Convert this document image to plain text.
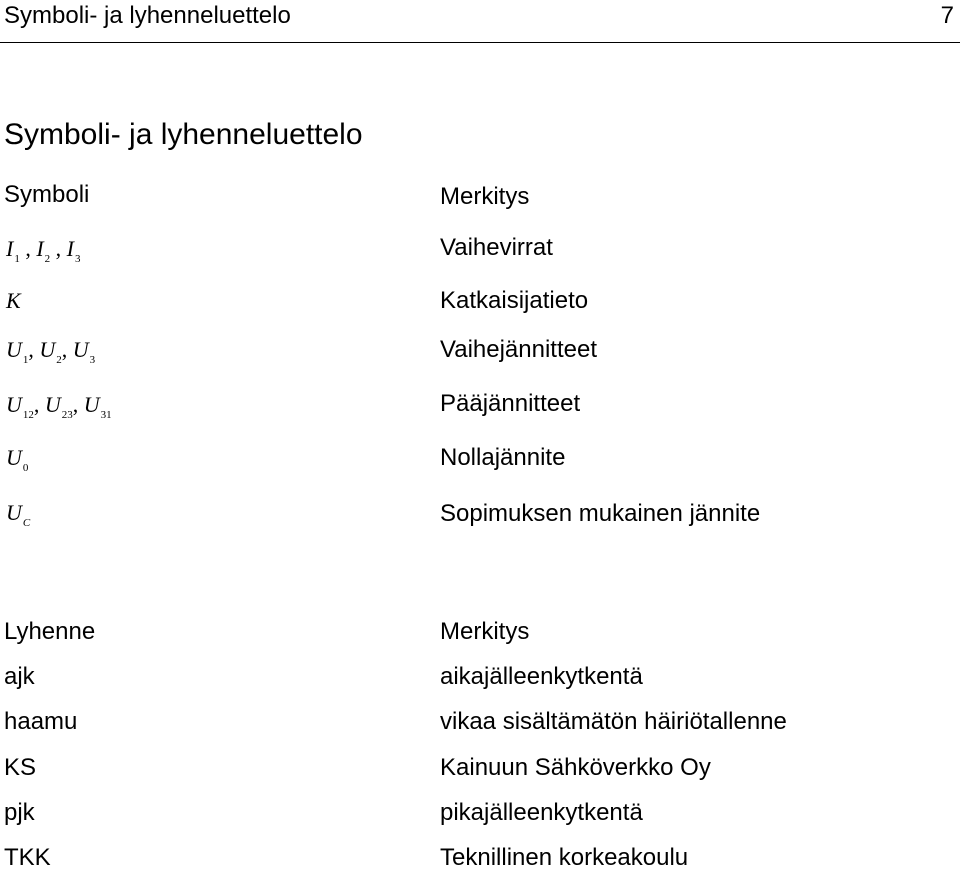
Symboli- ja lyhenneluettelo	7
Symboli- ja lyhenneluettelo
Symboli	Merkitys
$I_1$ , $I_2$ , $I_3$	Vaihevirrat
K	Katkaisijatieto
$U_1$, $U_2$, $U_3$	Vaihejännitteet
$U_{12}$, $U_{23}$, $U_{31}$	Pääjännitteet
$U_0$	Nollajännite
$U_C$	Sopimuksen mukainen jännite
Lyhenne	Merkitys
ajk	aikajälleenkytkentä
haamu	vikaa sisältämätön häiriötallenne
KS	Kainuun Sähköverkko Oy
pjk	pikajälleenkytkentä
TKK	Teknillinen korkeakoulu
